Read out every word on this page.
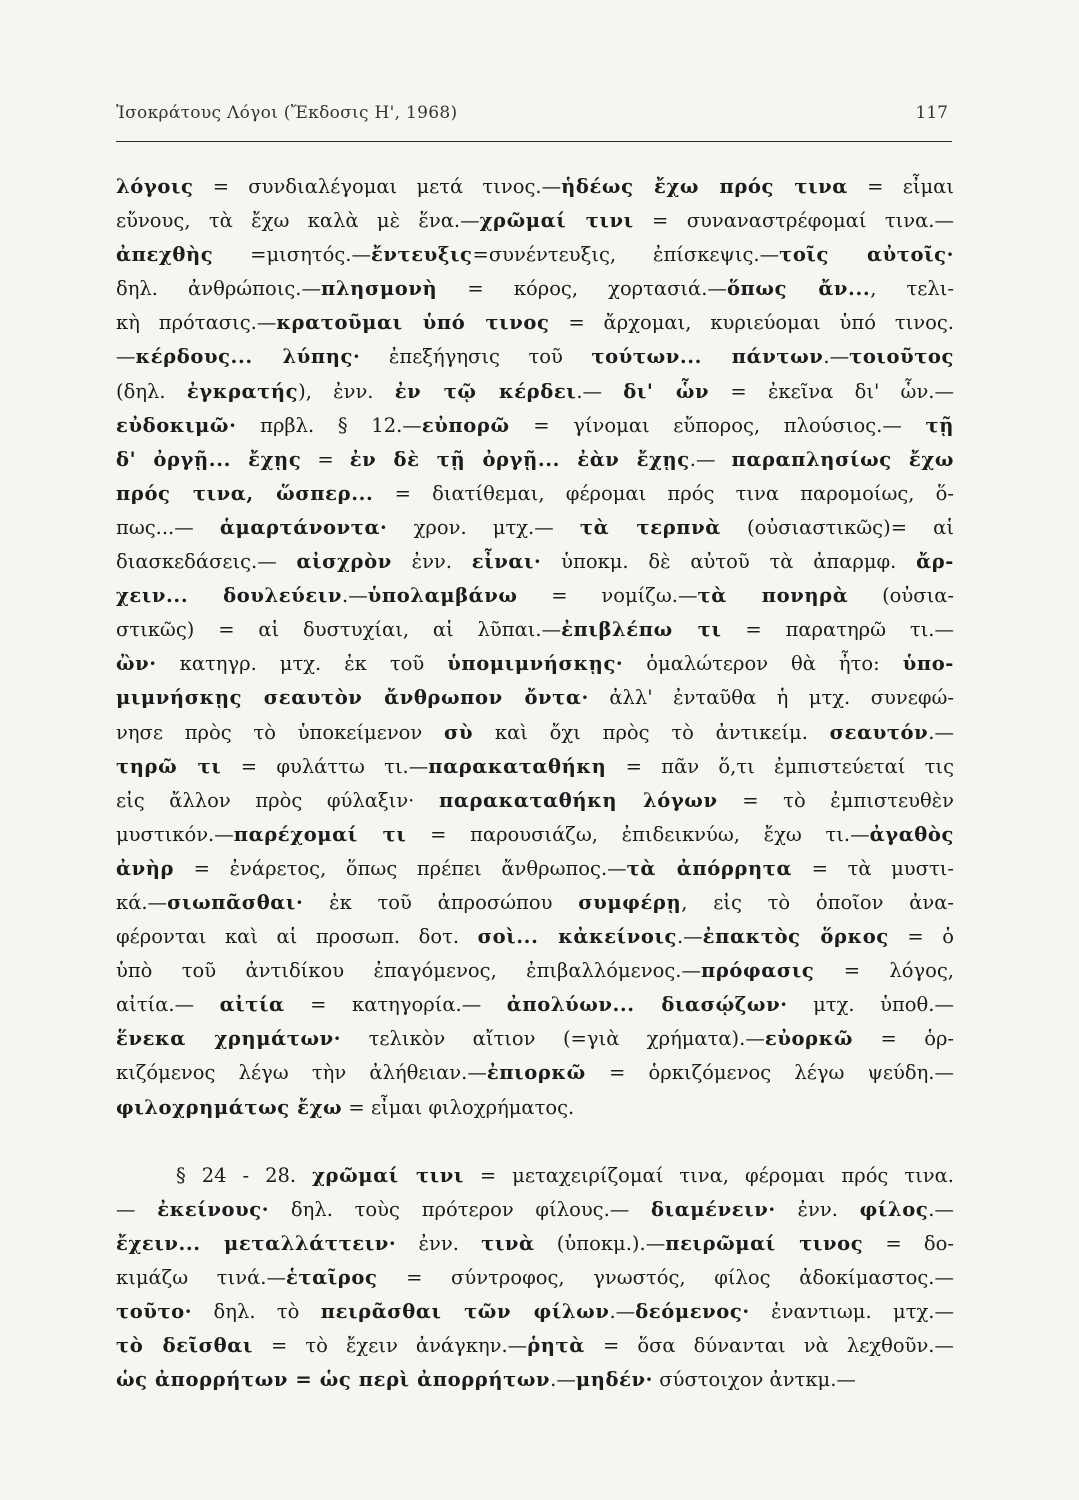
Ἰσοκράτους Λόγοι (Ἔκδοσις Η', 1968)	117
λόγοις = συνδιαλέγομαι μετά τινος.—ἡδέως ἔχω πρός τινα = εἶμαι
εὔνους, τὰ ἔχω καλὰ μὲ ἕνα.—χρῶμαί τινι = συναναστρέφομαί τινα.—
ἀπεχθὴς =μισητός.—ἔντευξις=συνέντευξις, ἐπίσκεψις.—τοῖς αὐτοῖς·
δηλ. ἀνθρώποις.—πλησμονὴ = κόρος, χορτασιά.—ὅπως ἄν..., τελι-
κὴ πρότασις.—κρατοῦμαι ὑπό τινος = ἄρχομαι, κυριεύομαι ὑπό τινος.
—κέρδους... λύπης· ἐπεξήγησις τοῦ τούτων... πάντων.—τοιοῦτος
(δηλ. ἐγκρατής), ἐνν. ἐν τῷ κέρδει.— δι' ὧν = ἐκεῖνα δι' ὧν.—
εὐδοκιμῶ· πρβλ. § 12.—εὐπορῶ = γίνομαι εὔπορος, πλούσιος.— τῇ
δ' ὀργῇ... ἔχῃς = ἐν δὲ τῇ ὀργῇ... ἐὰν ἔχῃς.— παραπλησίως ἔχω
πρός τινα, ὥσπερ... = διατίθεμαι, φέρομαι πρός τινα παρομοίως, ὅ-
πως...— ἁμαρτάνοντα· χρον. μτχ.— τὰ τερπνὰ (οὐσιαστικῶς)= αἱ
διασκεδάσεις.— αἰσχρὸν ἐνν. εἶναι· ὑποκμ. δὲ αὐτοῦ τὰ ἀπαρμφ. ἄρ-
χειν... δουλεύειν.—ὑπολαμβάνω = νομίζω.—τὰ πονηρὰ (οὐσια-
στικῶς) = αἱ δυστυχίαι, αἱ λῦπαι.—ἐπιβλέπω τι = παρατηρῶ τι.—
ὢν· κατηγρ. μτχ. ἐκ τοῦ ὑπομιμνήσκῃς· ὁμαλώτερον θὰ ἦτο: ὑπο-
μιμνήσκῃς σεαυτὸν ἄνθρωπον ὄντα· ἀλλ' ἐνταῦθα ἡ μτχ. συνεφώ-
νησε πρὸς τὸ ὑποκείμενον σὺ καὶ ὄχι πρὸς τὸ ἀντικείμ. σεαυτόν.—
τηρῶ τι = φυλάττω τι.—παρακαταθήκη = πᾶν ὅ,τι ἐμπιστεύεταί τις
εἰς ἄλλον πρὸς φύλαξιν· παρακαταθήκη λόγων = τὸ ἐμπιστευθὲν
μυστικόν.—παρέχομαί τι = παρουσιάζω, ἐπιδεικνύω, ἔχω τι.—ἀγαθὸς
ἀνὴρ = ἐνάρετος, ὅπως πρέπει ἄνθρωπος.—τὰ ἀπόρρητα = τὰ μυστι-
κά.—σιωπᾶσθαι· ἐκ τοῦ ἀπροσώπου συμφέρῃ, εἰς τὸ ὁποῖον ἀνα-
φέρονται καὶ αἱ προσωπ. δοτ. σοὶ... κἀκείνοις.—ἐπακτὸς ὅρκος = ὁ
ὑπὸ τοῦ ἀντιδίκου ἐπαγόμενος, ἐπιβαλλόμενος.—πρόφασις = λόγος,
αἰτία.— αἰτία = κατηγορία.— ἀπολύων... διασῴζων· μτχ. ὑποθ.—
ἕνεκα χρημάτων· τελικὸν αἴτιον (=γιὰ χρήματα).—εὐορκῶ = ὁρ-
κιζόμενος λέγω τὴν ἀλήθειαν.—ἐπιορκῶ = ὁρκιζόμενος λέγω ψεύδη.—
φιλοχρημάτως ἔχω = εἶμαι φιλοχρήματος.
§ 24 - 28. χρῶμαί τινι = μεταχειρίζομαί τινα, φέρομαι πρός τινα.
— ἐκείνους· δηλ. τοὺς πρότερον φίλους.— διαμένειν· ἐνν. φίλος.—
ἔχειν... μεταλλάττειν· ἐνν. τινὰ (ὑποκμ.).—πειρῶμαί τινος = δο-
κιμάζω τινά.—ἑταῖρος = σύντροφος, γνωστός, φίλος ἀδοκίμαστος.—
τοῦτο· δηλ. τὸ πειρᾶσθαι τῶν φίλων.—δεόμενος· ἐναντιωμ. μτχ.—
τὸ δεῖσθαι = τὸ ἔχειν ἀνάγκην.—ῥητὰ = ὅσα δύνανται νὰ λεχθοῦν.—
ὡς ἀπορρήτων = ὡς περὶ ἀπορρήτων.—μηδέν· σύστοιχον ἀντκμ.—
